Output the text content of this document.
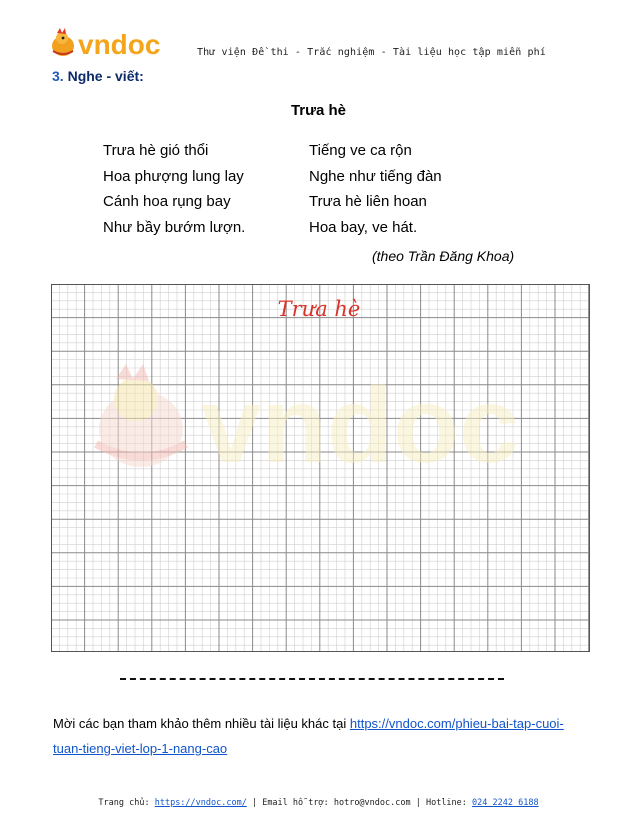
vndoc	Thư viện Đề thi - Trắc nghiệm - Tài liệu học tập miễn phí
3. Nghe - viết:
Trưa hè
Trưa hè gió thổi
Hoa phượng lung lay
Cánh hoa rụng bay
Như bầy bướm lượn.
Tiếng ve ca rộn
Nghe như tiếng đàn
Trưa hè liên hoan
Hoa bay, ve hát.
(theo Trần Đăng Khoa)
vndoc
Trưa hè
Mời các bạn tham khảo thêm nhiều tài liệu khác tại https://vndoc.com/phieu-bai-tap-cuoi-tuan-tieng-viet-lop-1-nang-cao
Trang chủ: https://vndoc.com/ | Email hỗ trợ: hotro@vndoc.com | Hotline: 024 2242 6188
